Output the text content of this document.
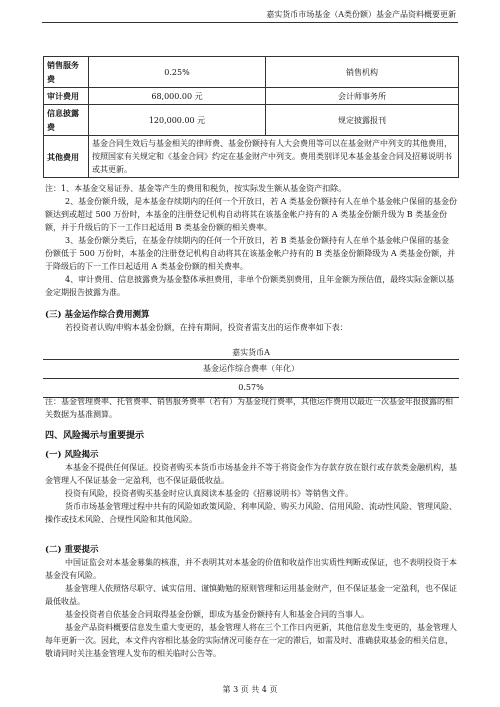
嘉实货币市场基金（A类份额）基金产品资料概要更新
销售服务费	0.25%	销售机构
审计费用	68,000.00 元	会计师事务所
信息披露费	120,000.00 元	规定披露报刊
其他费用	基金合同生效后与基金相关的律师费、基金份额持有人大会费用等可以在基金财产中列支的其他费用，按照国家有关规定和《基金合同》约定在基金财产中列支。费用类别详见本基金基金合同及招募说明书或其更新。	
注：1、本基金交易证券、基金等产生的费用和税负，按实际发生额从基金资产扣除。
2、基金份额升级，是本基金存续期内的任何一个开放日，若 A 类基金份额持有人在单个基金帐户保留的基金份额达到或超过 500 万份时，本基金的注册登记机构自动将其在该基金帐户持有的 A 类基金份额升级为 B 类基金份额，并于升级后的下一工作日起适用 B 类基金份额的相关费率。
3、基金份额分类后，在基金存续期内的任何一个开放日，若 B 类基金份额持有人在单个基金帐户保留的基金份额低于 500 万份时，本基金的注册登记机构自动将其在该基金帐户持有的 B 类基金份额降级为 A 类基金份额，并于降级后的下一工作日起适用 A 类基金份额的相关费率。
4、审计费用、信息披露费为基金整体承担费用，非单个份额类别费用，且年金额为预估值，最终实际金额以基金定期报告披露为准。
(三) 基金运作综合费用测算
若投资者认购/申购本基金份额，在持有期间，投资者需支出的运作费率如下表：
嘉实货币A
基金运作综合费率（年化）
0.57%
注：基金管理费率、托管费率、销售服务费率（若有）为基金现行费率，其他运作费用以最近一次基金年报披露的相关数据为基准测算。
四、风险揭示与重要提示
(一) 风险揭示
本基金不提供任何保证。投资者购买本货币市场基金并不等于将资金作为存款存放在银行或存款类金融机构，基金管理人不保证基金一定盈利，也不保证最低收益。
投资有风险，投资者购买基金时应认真阅读本基金的《招募说明书》等销售文件。
货币市场基金管理过程中共有的风险如政策风险、利率风险、购买力风险、信用风险、流动性风险、管理风险、操作或技术风险、合规性风险和其他风险。
(二) 重要提示
中国证监会对本基金募集的核准，并不表明其对本基金的价值和收益作出实质性判断或保证，也不表明投资于本基金没有风险。
基金管理人依照恪尽职守、诚实信用、谨慎勤勉的原则管理和运用基金财产，但不保证基金一定盈利，也不保证最低收益。
基金投资者自依基金合同取得基金份额，即成为基金份额持有人和基金合同的当事人。
基金产品资料概要信息发生重大变更的，基金管理人将在三个工作日内更新，其他信息发生变更的，基金管理人每年更新一次。因此，本文件内容相比基金的实际情况可能存在一定的滞后，如需及时、准确获取基金的相关信息，敬请同时关注基金管理人发布的相关临时公告等。
第 3 页 共 4 页
